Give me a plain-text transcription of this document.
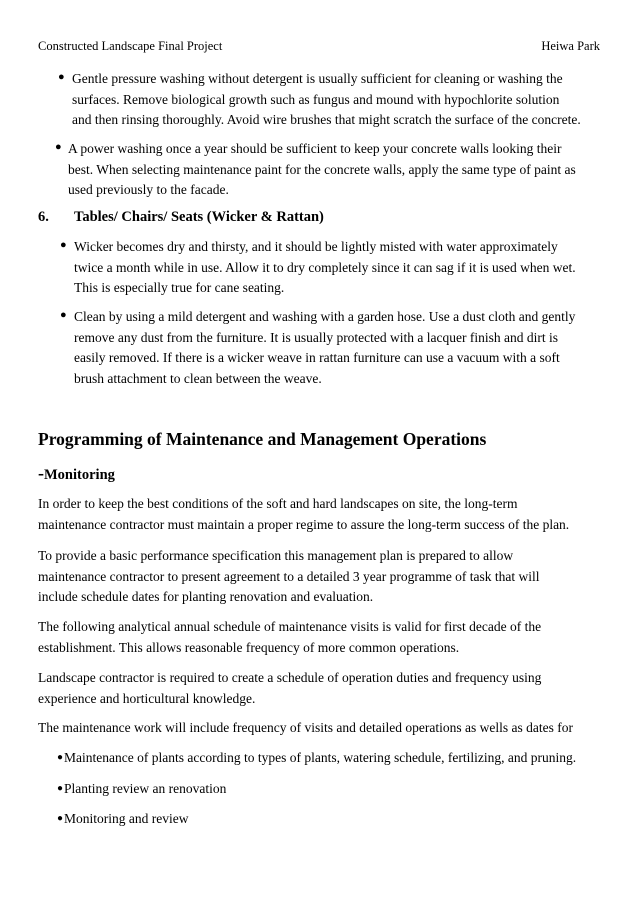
Constructed Landscape Final Project	Heiwa Park
● Gentle pressure washing without detergent is usually sufficient for cleaning or washing the
surfaces. Remove biological growth such as fungus and mound with hypochlorite solution
and then rinsing thoroughly. Avoid wire brushes that might scratch the surface of the concrete.
● A power washing once a year should be sufficient to keep your concrete walls looking their
best. When selecting maintenance paint for the concrete walls, apply the same type of paint as
used previously to the facade.
6. Tables/ Chairs/ Seats (Wicker & Rattan)
● Wicker becomes dry and thirsty, and it should be lightly misted with water approximately
twice a month while in use. Allow it to dry completely since it can sag if it is used when wet.
This is especially true for cane seating.
● Clean by using a mild detergent and washing with a garden hose. Use a dust cloth and gently
remove any dust from the furniture. It is usually protected with a lacquer finish and dirt is
easily removed. If there is a wicker weave in rattan furniture can use a vacuum with a soft
brush attachment to clean between the weave.
Programming of Maintenance and Management Operations
-Monitoring
In order to keep the best conditions of the soft and hard landscapes on site, the long-term
maintenance contractor must maintain a proper regime to assure the long-term success of the plan.
To provide a basic performance specification this management plan is prepared to allow
maintenance contractor to present agreement to a detailed 3 year programme of task that will
include schedule dates for planting renovation and evaluation.
The following analytical annual schedule of maintenance visits is valid for first decade of the
establishment. This allows reasonable frequency of more common operations.
Landscape contractor is required to create a schedule of operation duties and frequency using
experience and horticultural knowledge.
The maintenance work will include frequency of visits and detailed operations as wells as dates for
●Maintenance of plants according to types of plants, watering schedule, fertilizing, and pruning.
●Planting review an renovation
●Monitoring and review
